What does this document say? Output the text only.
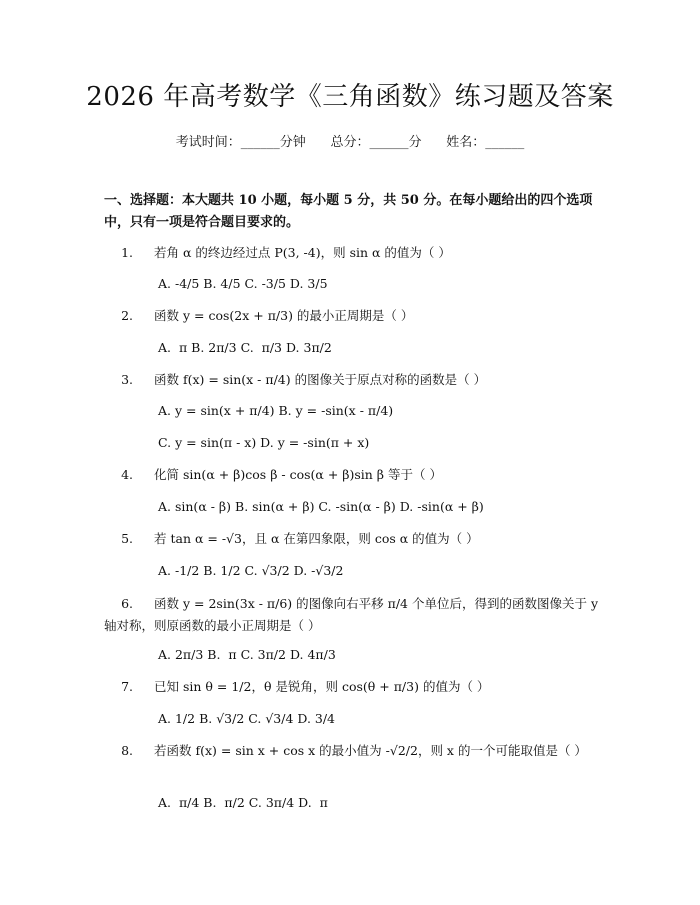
2026 年高考数学《三角函数》练习题及答案
考试时间：______分钟      总分：______分      姓名：______
一、选择题：本大题共 10 小题，每小题 5 分，共 50 分。在每小题给出的四个选项中，只有一项是符合题目要求的。
1. 若角 α 的终边经过点 P(3, -4)，则 sin α 的值为（ ）
A. -4/5 B. 4/5 C. -3/5 D. 3/5
2. 函数 y = cos(2x + π/3) 的最小正周期是（ ）
A.  π B. 2π/3 C.  π/3 D. 3π/2
3. 函数 f(x) = sin(x - π/4) 的图像关于原点对称的函数是（ ）
A. y = sin(x + π/4) B. y = -sin(x - π/4)
C. y = sin(π - x) D. y = -sin(π + x)
4. 化简 sin(α + β)cos β - cos(α + β)sin β 等于（ ）
A. sin(α - β) B. sin(α + β) C. -sin(α - β) D. -sin(α + β)
5. 若 tan α = -√3，且 α 在第四象限，则 cos α 的值为（ ）
A. -1/2 B. 1/2 C. √3/2 D. -√3/2
6. 函数 y = 2sin(3x - π/6) 的图像向右平移 π/4 个单位后，得到的函数图像关于 y 轴对称，则原函数的最小正周期是（ ）
A. 2π/3 B.  π C. 3π/2 D. 4π/3
7. 已知 sin θ = 1/2，θ 是锐角，则 cos(θ + π/3) 的值为（ ）
A. 1/2 B. √3/2 C. √3/4 D. 3/4
8. 若函数 f(x) = sin x + cos x 的最小值为 -√2/2，则 x 的一个可能取值是（ ）
A.  π/4 B.  π/2 C. 3π/4 D.  π
